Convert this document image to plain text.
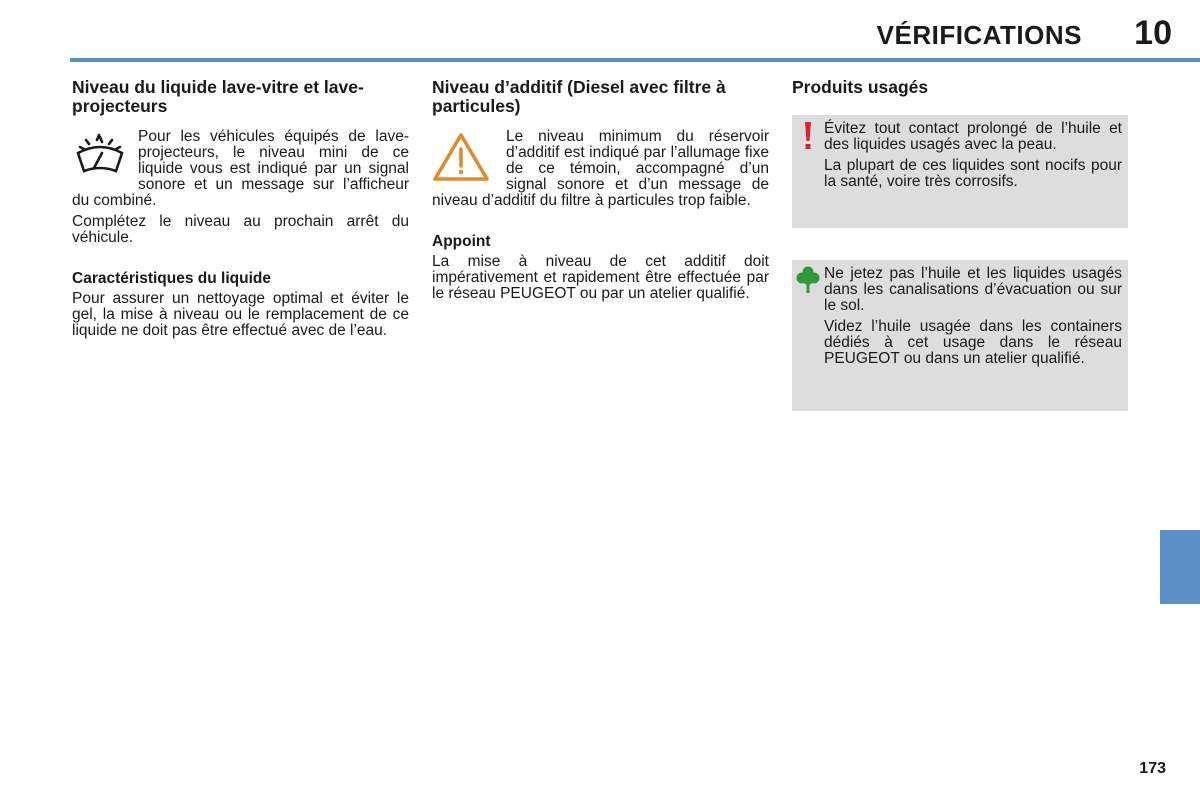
VÉRIFICATIONS 10
Niveau du liquide lave-vitre et lave-projecteurs

Pour les véhicules équipés de lave-projecteurs, le niveau mini de ce liquide vous est indiqué par un signal sonore et un message sur l’afficheur du combiné.

Complétez le niveau au prochain arrêt du véhicule.

Caractéristiques du liquide

Pour assurer un nettoyage optimal et éviter le gel, la mise à niveau ou le remplacement de ce liquide ne doit pas être effectué avec de l’eau.

Niveau d’additif (Diesel avec filtre à particules)

Le niveau minimum du réservoir d’additif est indiqué par l’allumage fixe de ce témoin, accompagné d’un signal sonore et d’un message de niveau d’additif du filtre à particules trop faible.

Appoint

La mise à niveau de cet additif doit impérativement et rapidement être effectuée par le réseau PEUGEOT ou par un atelier qualifié.

Produits usagés

Évitez tout contact prolongé de l’huile et des liquides usagés avec la peau.

La plupart de ces liquides sont nocifs pour la santé, voire très corrosifs.

Ne jetez pas l’huile et les liquides usagés dans les canalisations d’évacuation ou sur le sol.

Videz l’huile usagée dans les containers dédiés à cet usage dans le réseau PEUGEOT ou dans un atelier qualifié.

173
